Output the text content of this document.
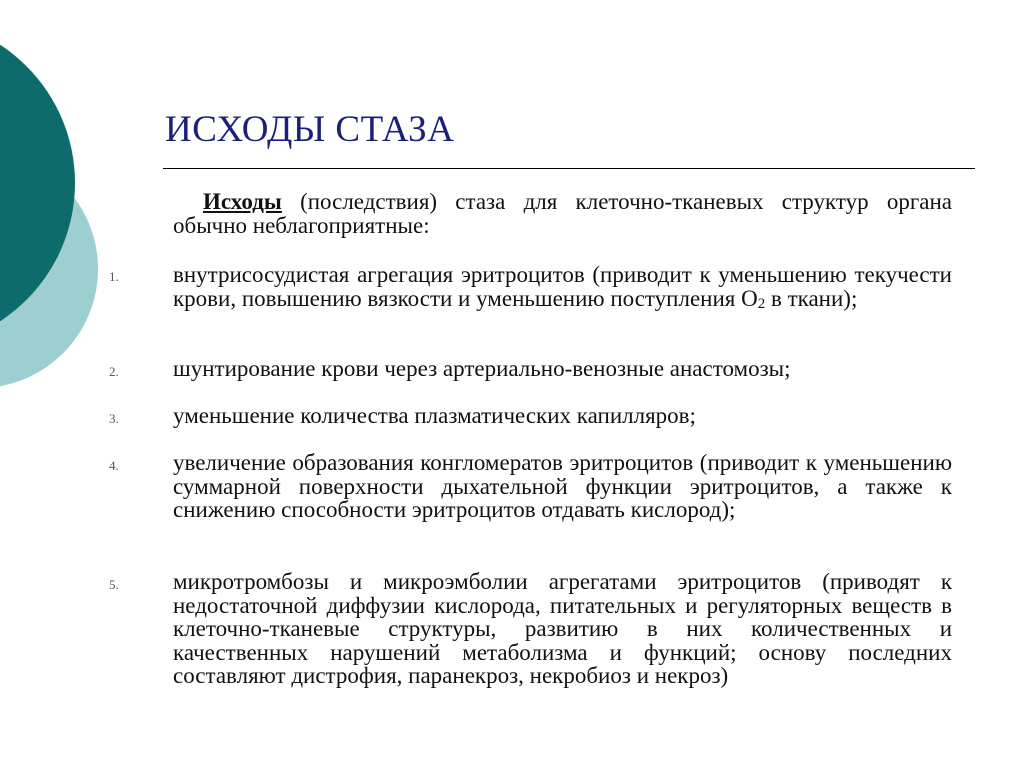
ИСХОДЫ СТАЗА
Исходы (последствия) стаза для клеточно-тканевых структур органа обычно неблагоприятные:
1. внутрисосудистая агрегация эритроцитов (приводит к уменьшению текучести крови, повышению вязкости и уменьшению поступления О2 в ткани);
2. шунтирование крови через артериально-венозные анастомозы;
3. уменьшение количества плазматических капилляров;
4. увеличение образования конгломератов эритроцитов (приводит к уменьшению суммарной поверхности дыхательной функции эритроцитов, а также к снижению способности эритроцитов отдавать кислород);
5. микротромбозы и микроэмболии агрегатами эритроцитов (приводят к недостаточной диффузии кислорода, питательных и регуляторных веществ в клеточно-тканевые структуры, развитию в них количественных и качественных нарушений метаболизма и функций; основу последних составляют дистрофия, паранекроз, некробиоз и некроз)
